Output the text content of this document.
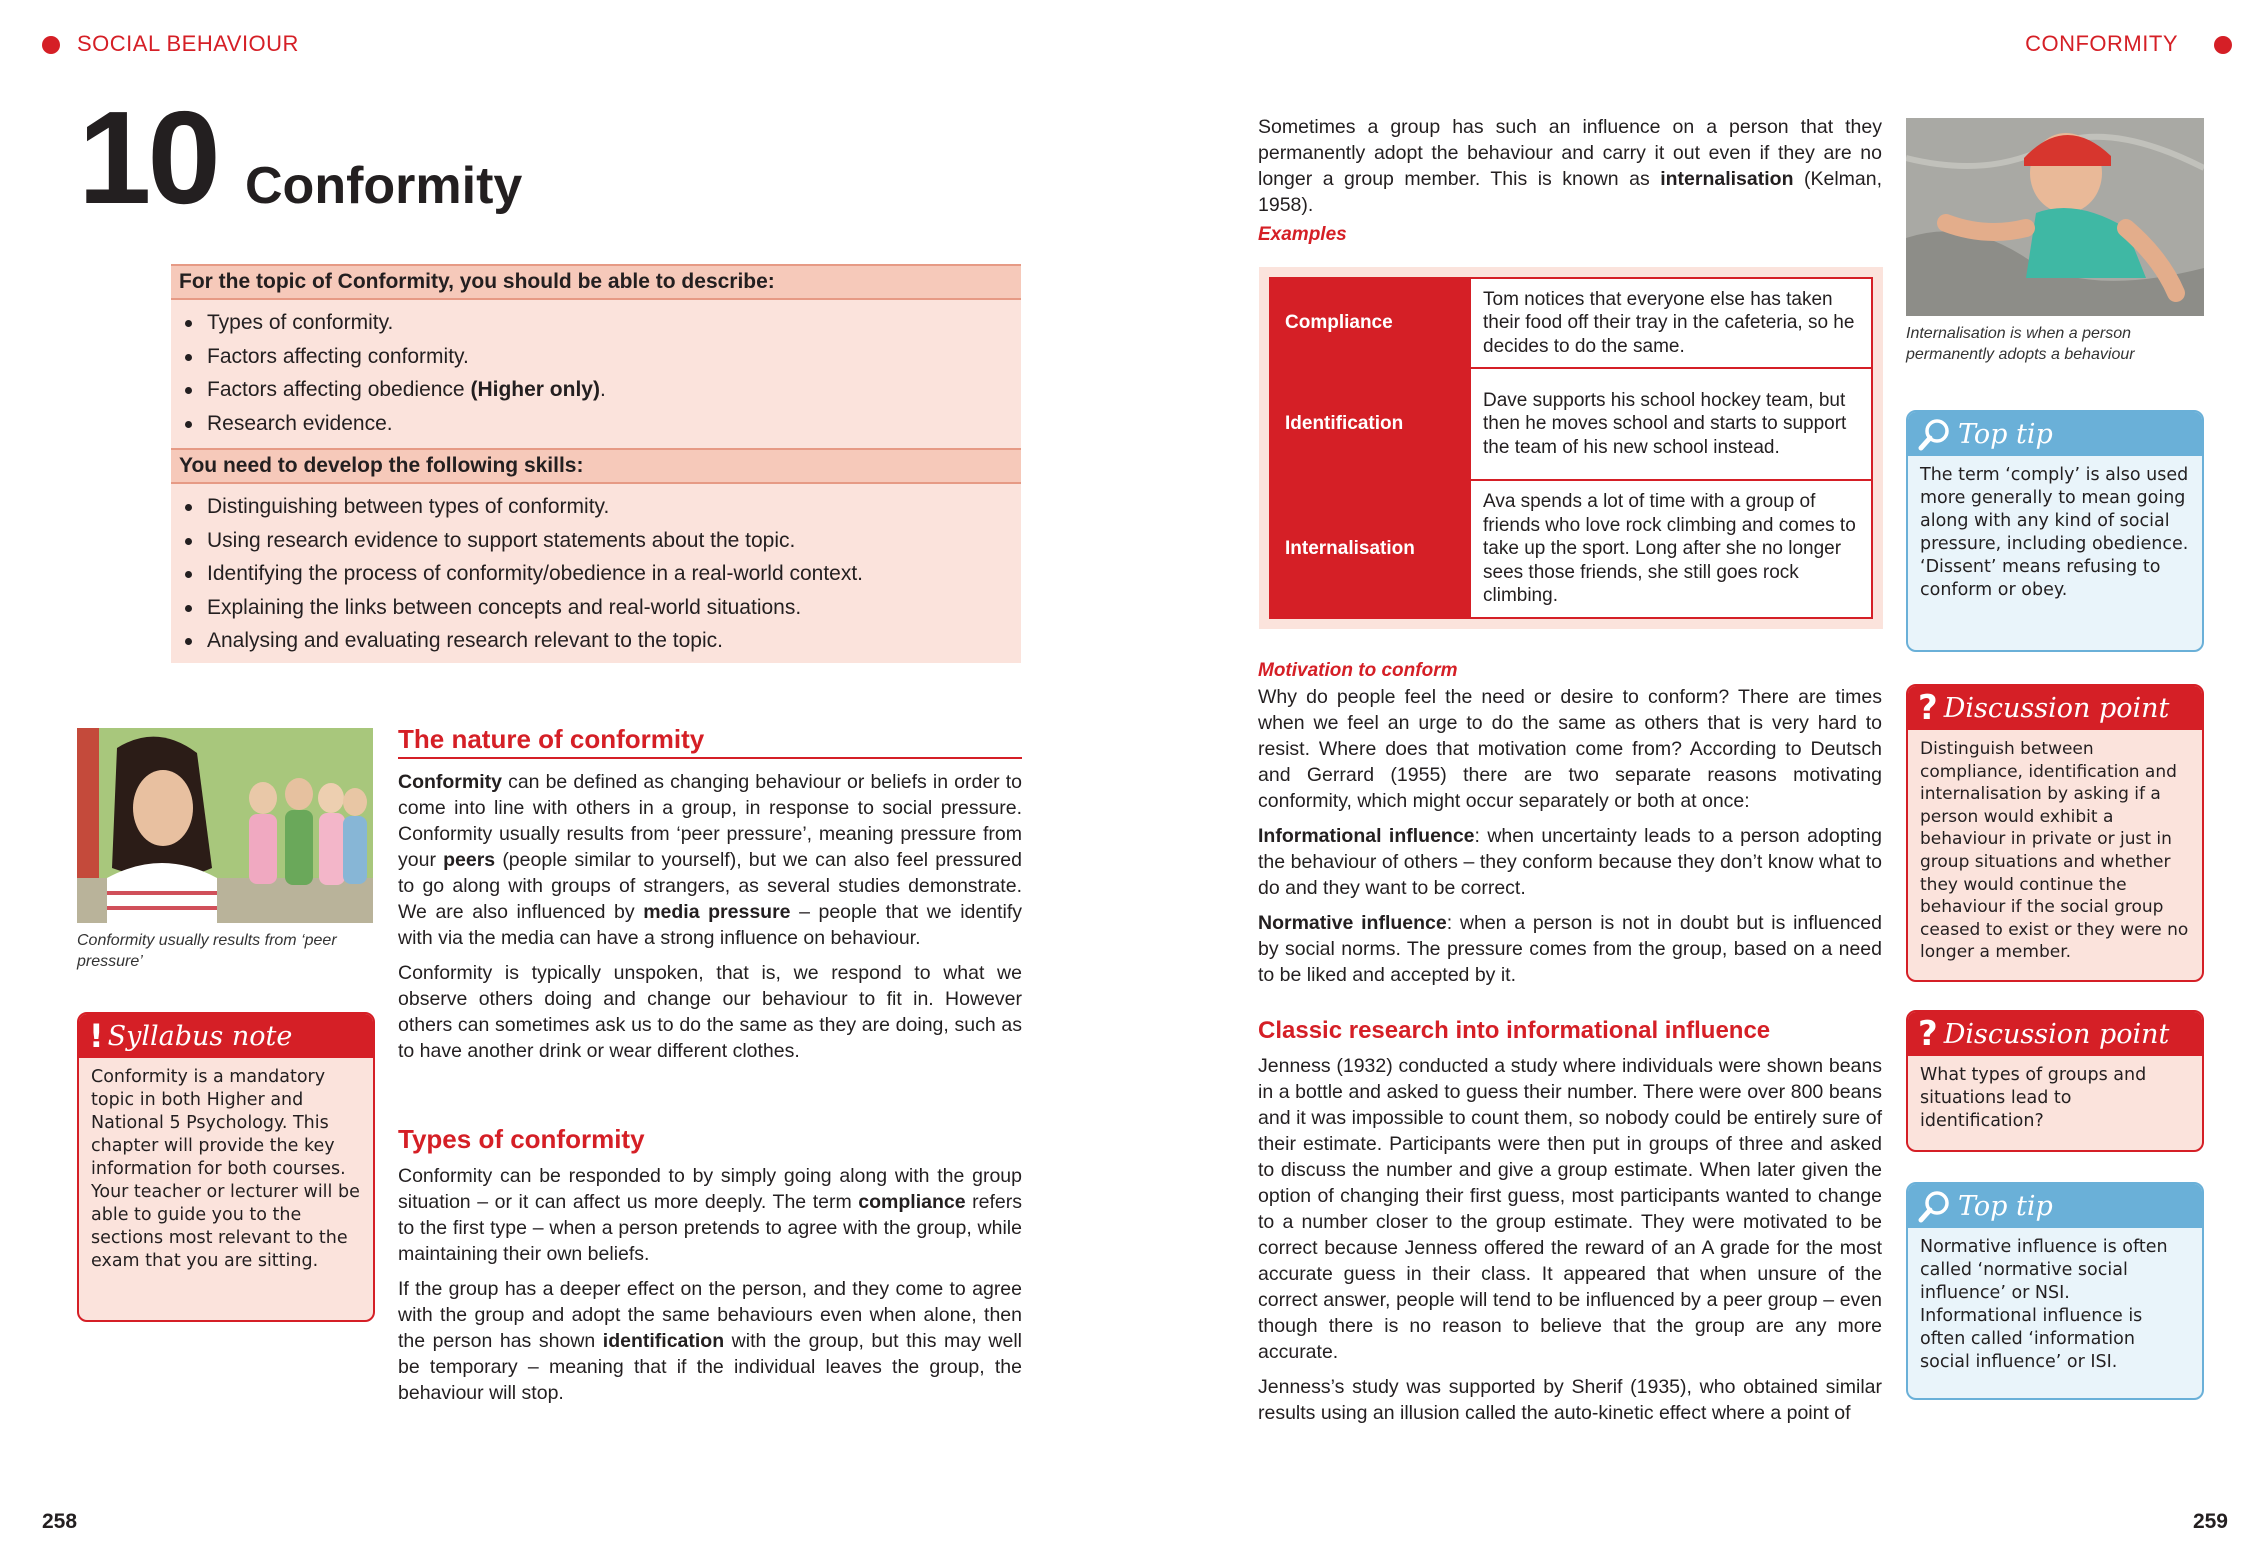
SOCIAL BEHAVIOUR	CONFORMITY
10 Conformity
For the topic of Conformity, you should be able to describe:
Types of conformity.
Factors affecting conformity.
Factors affecting obedience (Higher only).
Research evidence.
You need to develop the following skills:
Distinguishing between types of conformity.
Using research evidence to support statements about the topic.
Identifying the process of conformity/obedience in a real-world context.
Explaining the links between concepts and real-world situations.
Analysing and evaluating research relevant to the topic.
Conformity usually results from ‘peer pressure’
! Syllabus note
Conformity is a mandatory topic in both Higher and National 5 Psychology. This chapter will provide the key information for both courses. Your teacher or lecturer will be able to guide you to the sections most relevant to the exam that you are sitting.
The nature of conformity

Conformity can be defined as changing behaviour or beliefs in order to come into line with others in a group, in response to social pressure. Conformity usually results from ‘peer pressure’, meaning pressure from your peers (people similar to yourself), but we can also feel pressured to go along with groups of strangers, as several studies demonstrate. We are also influenced by media pressure – people that we identify with via the media can have a strong influence on behaviour.

Conformity is typically unspoken, that is, we respond to what we observe others doing and change our behaviour to fit in. However others can sometimes ask us to do the same as they are doing, such as to have another drink or wear different clothes.

Types of conformity

Conformity can be responded to by simply going along with the group situation – or it can affect us more deeply. The term compliance refers to the first type – when a person pretends to agree with the group, while maintaining their own beliefs.

If the group has a deeper effect on the person, and they come to agree with the group and adopt the same behaviours even when alone, then the person has shown identification with the group, but this may well be temporary – meaning that if the individual leaves the group, the behaviour will stop.

Sometimes a group has such an influence on a person that they permanently adopt the behaviour and carry it out even if they are no longer a group member. This is known as internalisation (Kelman, 1958).

Examples
Compliance	Tom notices that everyone else has taken their food off their tray in the cafeteria, so he decides to do the same.
Identification	Dave supports his school hockey team, but then he moves school and starts to support the team of his new school instead.
Internalisation	Ava spends a lot of time with a group of friends who love rock climbing and comes to take up the sport. Long after she no longer sees those friends, she still goes rock climbing.
Motivation to conform

Why do people feel the need or desire to conform? There are times when we feel an urge to do the same as others that is very hard to resist. Where does that motivation come from? According to Deutsch and Gerrard (1955) there are two separate reasons motivating conformity, which might occur separately or both at once:

Informational influence: when uncertainty leads to a person adopting the behaviour of others – they conform because they don’t know what to do and they want to be correct.

Normative influence: when a person is not in doubt but is influenced by social norms. The pressure comes from the group, based on a need to be liked and accepted by it.

Classic research into informational influence

Jenness (1932) conducted a study where individuals were shown beans in a bottle and asked to guess their number. There were over 800 beans and it was impossible to count them, so nobody could be entirely sure of their estimate. Participants were then put in groups of three and asked to discuss the number and give a group estimate. When later given the option of changing their first guess, most participants wanted to change to a number closer to the group estimate. They were motivated to be correct because Jenness offered the reward of an A grade for the most accurate guess in their class. It appeared that when unsure of the correct answer, people will tend to be influenced by a peer group – even though there is no reason to believe that the group are any more accurate.

Jenness’s study was supported by Sherif (1935), who obtained similar results using an illusion called the auto-kinetic effect where a point of

Internalisation is when a person permanently adopts a behaviour
Top tip
The term ‘comply’ is also used more generally to mean going along with any kind of social pressure, including obedience. ‘Dissent’ means refusing to conform or obey.
? Discussion point
Distinguish between compliance, identification and internalisation by asking if a person would exhibit a behaviour in private or just in group situations and whether they would continue the behaviour if the social group ceased to exist or they were no longer a member.
? Discussion point
What types of groups and situations lead to identification?
Top tip
Normative influence is often called ‘normative social influence’ or NSI. Informational influence is often called ‘information social influence’ or ISI.
258	259
